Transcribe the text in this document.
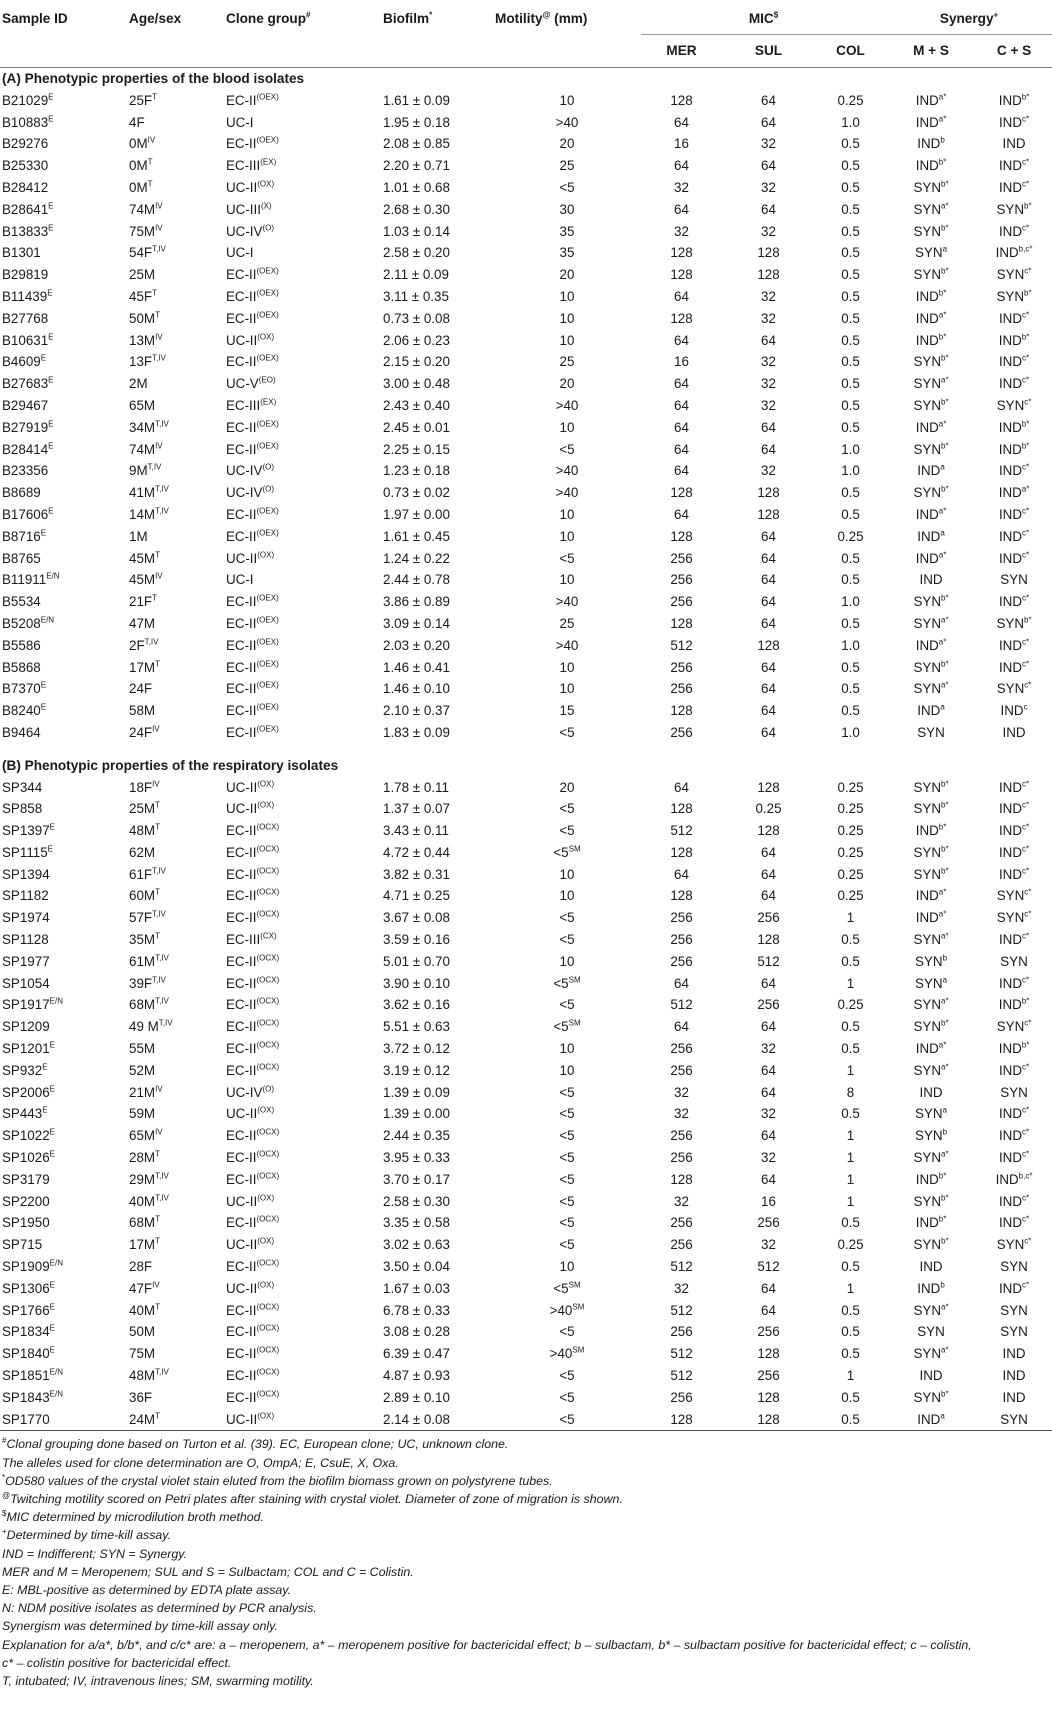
Sample ID	Age/sex	Clone group#	Biofilm*	Motility@ (mm)	MIC$			Synergy+
					MER	SUL	COL	M + S	C + S
(A) Phenotypic properties of the blood isolates									
$B21029^E$	$25F^T$	$EC-II^{(OEX)}$	1.61 ± 0.09	10	128	64	0.25	$IND^{a*}$	$IND^{b*}$
$B10883^E$	4F	UC-I	1.95 ± 0.18	>40	64	64	1.0	$IND^{a*}$	$IND^{c*}$
B29276	$0M^{IV}$	$EC-II^{(OEX)}$	2.08 ± 0.85	20	16	32	0.5	IND$^b$	IND
B25330	$0M^T$	$EC-III^{(EX)}$	2.20 ± 0.71	25	64	64	0.5	$IND^{b*}$	$IND^{c*}$
B28412	$0M^T$	$UC-II^{(OX)}$	1.01 ± 0.68	<5	32	32	0.5	$SYN^{b*}$	$IND^{c*}$
$B28641^E$	$74M^{IV}$	$UC-III^{(X)}$	2.68 ± 0.30	30	64	64	0.5	$SYN^{a*}$	$SYN^{b*}$
$B13833^E$	$75M^{IV}$	$UC-IV^{(O)}$	1.03 ± 0.14	35	32	32	0.5	$SYN^{b*}$	$IND^{c*}$
B1301	$54F^{T,IV}$	UC-I	2.58 ± 0.20	35	128	128	0.5	SYN$^a$	$IND^{b,c*}$
B29819	25M	$EC-II^{(OEX)}$	2.11 ± 0.09	20	128	128	0.5	$SYN^{b*}$	$SYN^{c*}$
$B11439^E$	$45F^T$	$EC-II^{(OEX)}$	3.11 ± 0.35	10	64	32	0.5	$IND^{b*}$	$SYN^{b*}$
B27768	$50M^T$	$EC-II^{(OEX)}$	0.73 ± 0.08	10	128	32	0.5	$IND^{a*}$	$IND^{c*}$
$B10631^E$	$13M^{IV}$	$UC-II^{(OX)}$	2.06 ± 0.23	10	64	64	0.5	$IND^{b*}$	$IND^{b*}$
$B4609^E$	$13F^{T,IV}$	$EC-II^{(OEX)}$	2.15 ± 0.20	25	16	32	0.5	$SYN^{b*}$	$IND^{c*}$
$B27683^E$	2M	$UC-V^{(EO)}$	3.00 ± 0.48	20	64	32	0.5	$SYN^{a*}$	$IND^{c*}$
B29467	65M	$EC-III^{(EX)}$	2.43 ± 0.40	>40	64	32	0.5	$SYN^{b*}$	$SYN^{c*}$
$B27919^E$	$34M^{T,IV}$	$EC-II^{(OEX)}$	2.45 ± 0.01	10	64	64	0.5	$IND^{a*}$	$IND^{b*}$
$B28414^E$	$74M^{IV}$	$EC-II^{(OEX)}$	2.25 ± 0.15	<5	64	64	1.0	$SYN^{b*}$	$IND^{b*}$
B23356	$9M^{T,IV}$	$UC-IV^{(O)}$	1.23 ± 0.18	>40	64	32	1.0	IND$^a$	$IND^{c*}$
B8689	$41M^{T,IV}$	$UC-IV^{(O)}$	0.73 ± 0.02	>40	128	128	0.5	$SYN^{b*}$	$IND^{a*}$
$B17606^E$	$14M^{T,IV}$	$EC-II^{(OEX)}$	1.97 ± 0.00	10	64	128	0.5	$IND^{a*}$	$IND^{c*}$
$B8716^E$	1M	$EC-II^{(OEX)}$	1.61 ± 0.45	10	128	64	0.25	IND$^a$	$IND^{c*}$
B8765	$45M^T$	$UC-II^{(OX)}$	1.24 ± 0.22	<5	256	64	0.5	$IND^{a*}$	$IND^{c*}$
$B11911^{E/N}$	$45M^{IV}$	UC-I	2.44 ± 0.78	10	256	64	0.5	IND	SYN
B5534	$21F^T$	$EC-II^{(OEX)}$	3.86 ± 0.89	>40	256	64	1.0	$SYN^{b*}$	$IND^{c*}$
$B5208^{E/N}$	47M	$EC-II^{(OEX)}$	3.09 ± 0.14	25	128	64	0.5	$SYN^{a*}$	$SYN^{b*}$
B5586	$2F^{T,IV}$	$EC-II^{(OEX)}$	2.03 ± 0.20	>40	512	128	1.0	$IND^{a*}$	$IND^{c*}$
B5868	$17M^T$	$EC-II^{(OEX)}$	1.46 ± 0.41	10	256	64	0.5	$SYN^{b*}$	$IND^{c*}$
$B7370^E$	24F	$EC-II^{(OEX)}$	1.46 ± 0.10	10	256	64	0.5	$SYN^{a*}$	$SYN^{c*}$
$B8240^E$	58M	$EC-II^{(OEX)}$	2.10 ± 0.37	15	128	64	0.5	IND$^a$	IND$^c$
B9464	$24F^{IV}$	$EC-II^{(OEX)}$	1.83 ± 0.09	<5	256	64	1.0	SYN	IND

(B) Phenotypic properties of the respiratory isolates									
SP344	$18F^{IV}$	$UC-II^{(OX)}$	1.78 ± 0.11	20	64	128	0.25	$SYN^{b*}$	$IND^{c*}$
SP858	$25M^T$	$UC-II^{(OX)}$	1.37 ± 0.07	<5	128	0.25	0.25	$SYN^{b*}$	$IND^{c*}$
$SP1397^E$	$48M^T$	$EC-II^{(OCX)}$	3.43 ± 0.11	<5	512	128	0.25	$IND^{b*}$	$IND^{c*}$
$SP1115^E$	62M	$EC-II^{(OCX)}$	4.72 ± 0.44	<5℠	128	64	0.25	$SYN^{b*}$	$IND^{c*}$
SP1394	$61F^{T,IV}$	$EC-II^{(OCX)}$	3.82 ± 0.31	10	64	64	0.25	$SYN^{b*}$	$IND^{c*}$
SP1182	$60M^T$	$EC-II^{(OCX)}$	4.71 ± 0.25	10	128	64	0.25	$IND^{a*}$	$SYN^{c*}$
SP1974	$57F^{T,IV}$	$EC-II^{(OCX)}$	3.67 ± 0.08	<5	256	256	1	$IND^{a*}$	$SYN^{c*}$
SP1128	$35M^T$	$EC-III^{(CX)}$	3.59 ± 0.16	<5	256	128	0.5	$SYN^{a*}$	$IND^{c*}$
SP1977	$61M^{T,IV}$	$EC-II^{(OCX)}$	5.01 ± 0.70	10	256	512	0.5	SYN$^b$	SYN
SP1054	$39F^{T,IV}$	$EC-II^{(OCX)}$	3.90 ± 0.10	<5℠	64	64	1	SYN$^a$	$IND^{c*}$
$SP1917^{E/N}$	$68M^{T,IV}$	$EC-II^{(OCX)}$	3.62 ± 0.16	<5	512	256	0.25	$SYN^{a*}$	$IND^{b*}$
SP1209	49 $M^{T,IV}$	$EC-II^{(OCX)}$	5.51 ± 0.63	<5℠	64	64	0.5	$SYN^{b*}$	$SYN^{c*}$
$SP1201^E$	55M	$EC-II^{(OCX)}$	3.72 ± 0.12	10	256	32	0.5	$IND^{a*}$	$IND^{b*}$
$SP932^E$	52M	$EC-II^{(OCX)}$	3.19 ± 0.12	10	256	64	1	$SYN^{a*}$	$IND^{c*}$
$SP2006^E$	$21M^{IV}$	$UC-IV^{(O)}$	1.39 ± 0.09	<5	32	64	8	IND	SYN
$SP443^E$	59M	$UC-II^{(OX)}$	1.39 ± 0.00	<5	32	32	0.5	SYN$^a$	$IND^{c*}$
$SP1022^E$	$65M^{IV}$	$EC-II^{(OCX)}$	2.44 ± 0.35	<5	256	64	1	SYN$^b$	$IND^{c*}$
$SP1026^E$	$28M^T$	$EC-II^{(OCX)}$	3.95 ± 0.33	<5	256	32	1	$SYN^{a*}$	$IND^{c*}$
SP3179	$29M^{T,IV}$	$EC-II^{(OCX)}$	3.70 ± 0.17	<5	128	64	1	$IND^{b*}$	$IND^{b,c*}$
SP2200	$40M^{T,IV}$	$UC-II^{(OX)}$	2.58 ± 0.30	<5	32	16	1	$SYN^{b*}$	$IND^{c*}$
SP1950	$68M^T$	$EC-II^{(OCX)}$	3.35 ± 0.58	<5	256	256	0.5	$IND^{b*}$	$IND^{c*}$
SP715	$17M^T$	$UC-II^{(OX)}$	3.02 ± 0.63	<5	256	32	0.25	$SYN^{b*}$	$SYN^{c*}$
$SP1909^{E/N}$	28F	$EC-II^{(OCX)}$	3.50 ± 0.04	10	512	512	0.5	IND	SYN
$SP1306^E$	$47F^{IV}$	$UC-II^{(OX)}$	1.67 ± 0.03	<5℠	32	64	1	IND$^b$	$IND^{c*}$
$SP1766^E$	$40M^T$	$EC-II^{(OCX)}$	6.78 ± 0.33	>40℠	512	64	0.5	$SYN^{a*}$	SYN
$SP1834^E$	50M	$EC-II^{(OCX)}$	3.08 ± 0.28	<5	256	256	0.5	SYN	SYN
$SP1840^E$	75M	$EC-II^{(OCX)}$	6.39 ± 0.47	>40℠	512	128	0.5	$SYN^{a*}$	IND
$SP1851^{E/N}$	$48M^{T,IV}$	$EC-II^{(OCX)}$	4.87 ± 0.93	<5	512	256	1	IND	IND
$SP1843^{E/N}$	36F	$EC-II^{(OCX)}$	2.89 ± 0.10	<5	256	128	0.5	$SYN^{b*}$	IND
SP1770	$24M^T$	$UC-II^{(OX)}$	2.14 ± 0.08	<5	128	128	0.5	IND$^a$	SYN
#Clonal grouping done based on Turton et al. (39). EC, European clone; UC, unknown clone.
The alleles used for clone determination are O, OmpA; E, CsuE, X, Oxa.
*OD580 values of the crystal violet stain eluted from the biofilm biomass grown on polystyrene tubes.
@Twitching motility scored on Petri plates after staining with crystal violet. Diameter of zone of migration is shown.
$MIC determined by microdilution broth method.
+Determined by time-kill assay.
IND = Indifferent; SYN = Synergy.
MER and M = Meropenem; SUL and S = Sulbactam; COL and C = Colistin.
E: MBL-positive as determined by EDTA plate assay.
N: NDM positive isolates as determined by PCR analysis.
Synergism was determined by time-kill assay only.
Explanation for a/a*, b/b*, and c/c* are: a – meropenem, a* – meropenem positive for bactericidal effect; b – sulbactam, b* – sulbactam positive for bactericidal effect; c – colistin,
c* – colistin positive for bactericidal effect.
T, intubated; IV, intravenous lines; SM, swarming motility.
